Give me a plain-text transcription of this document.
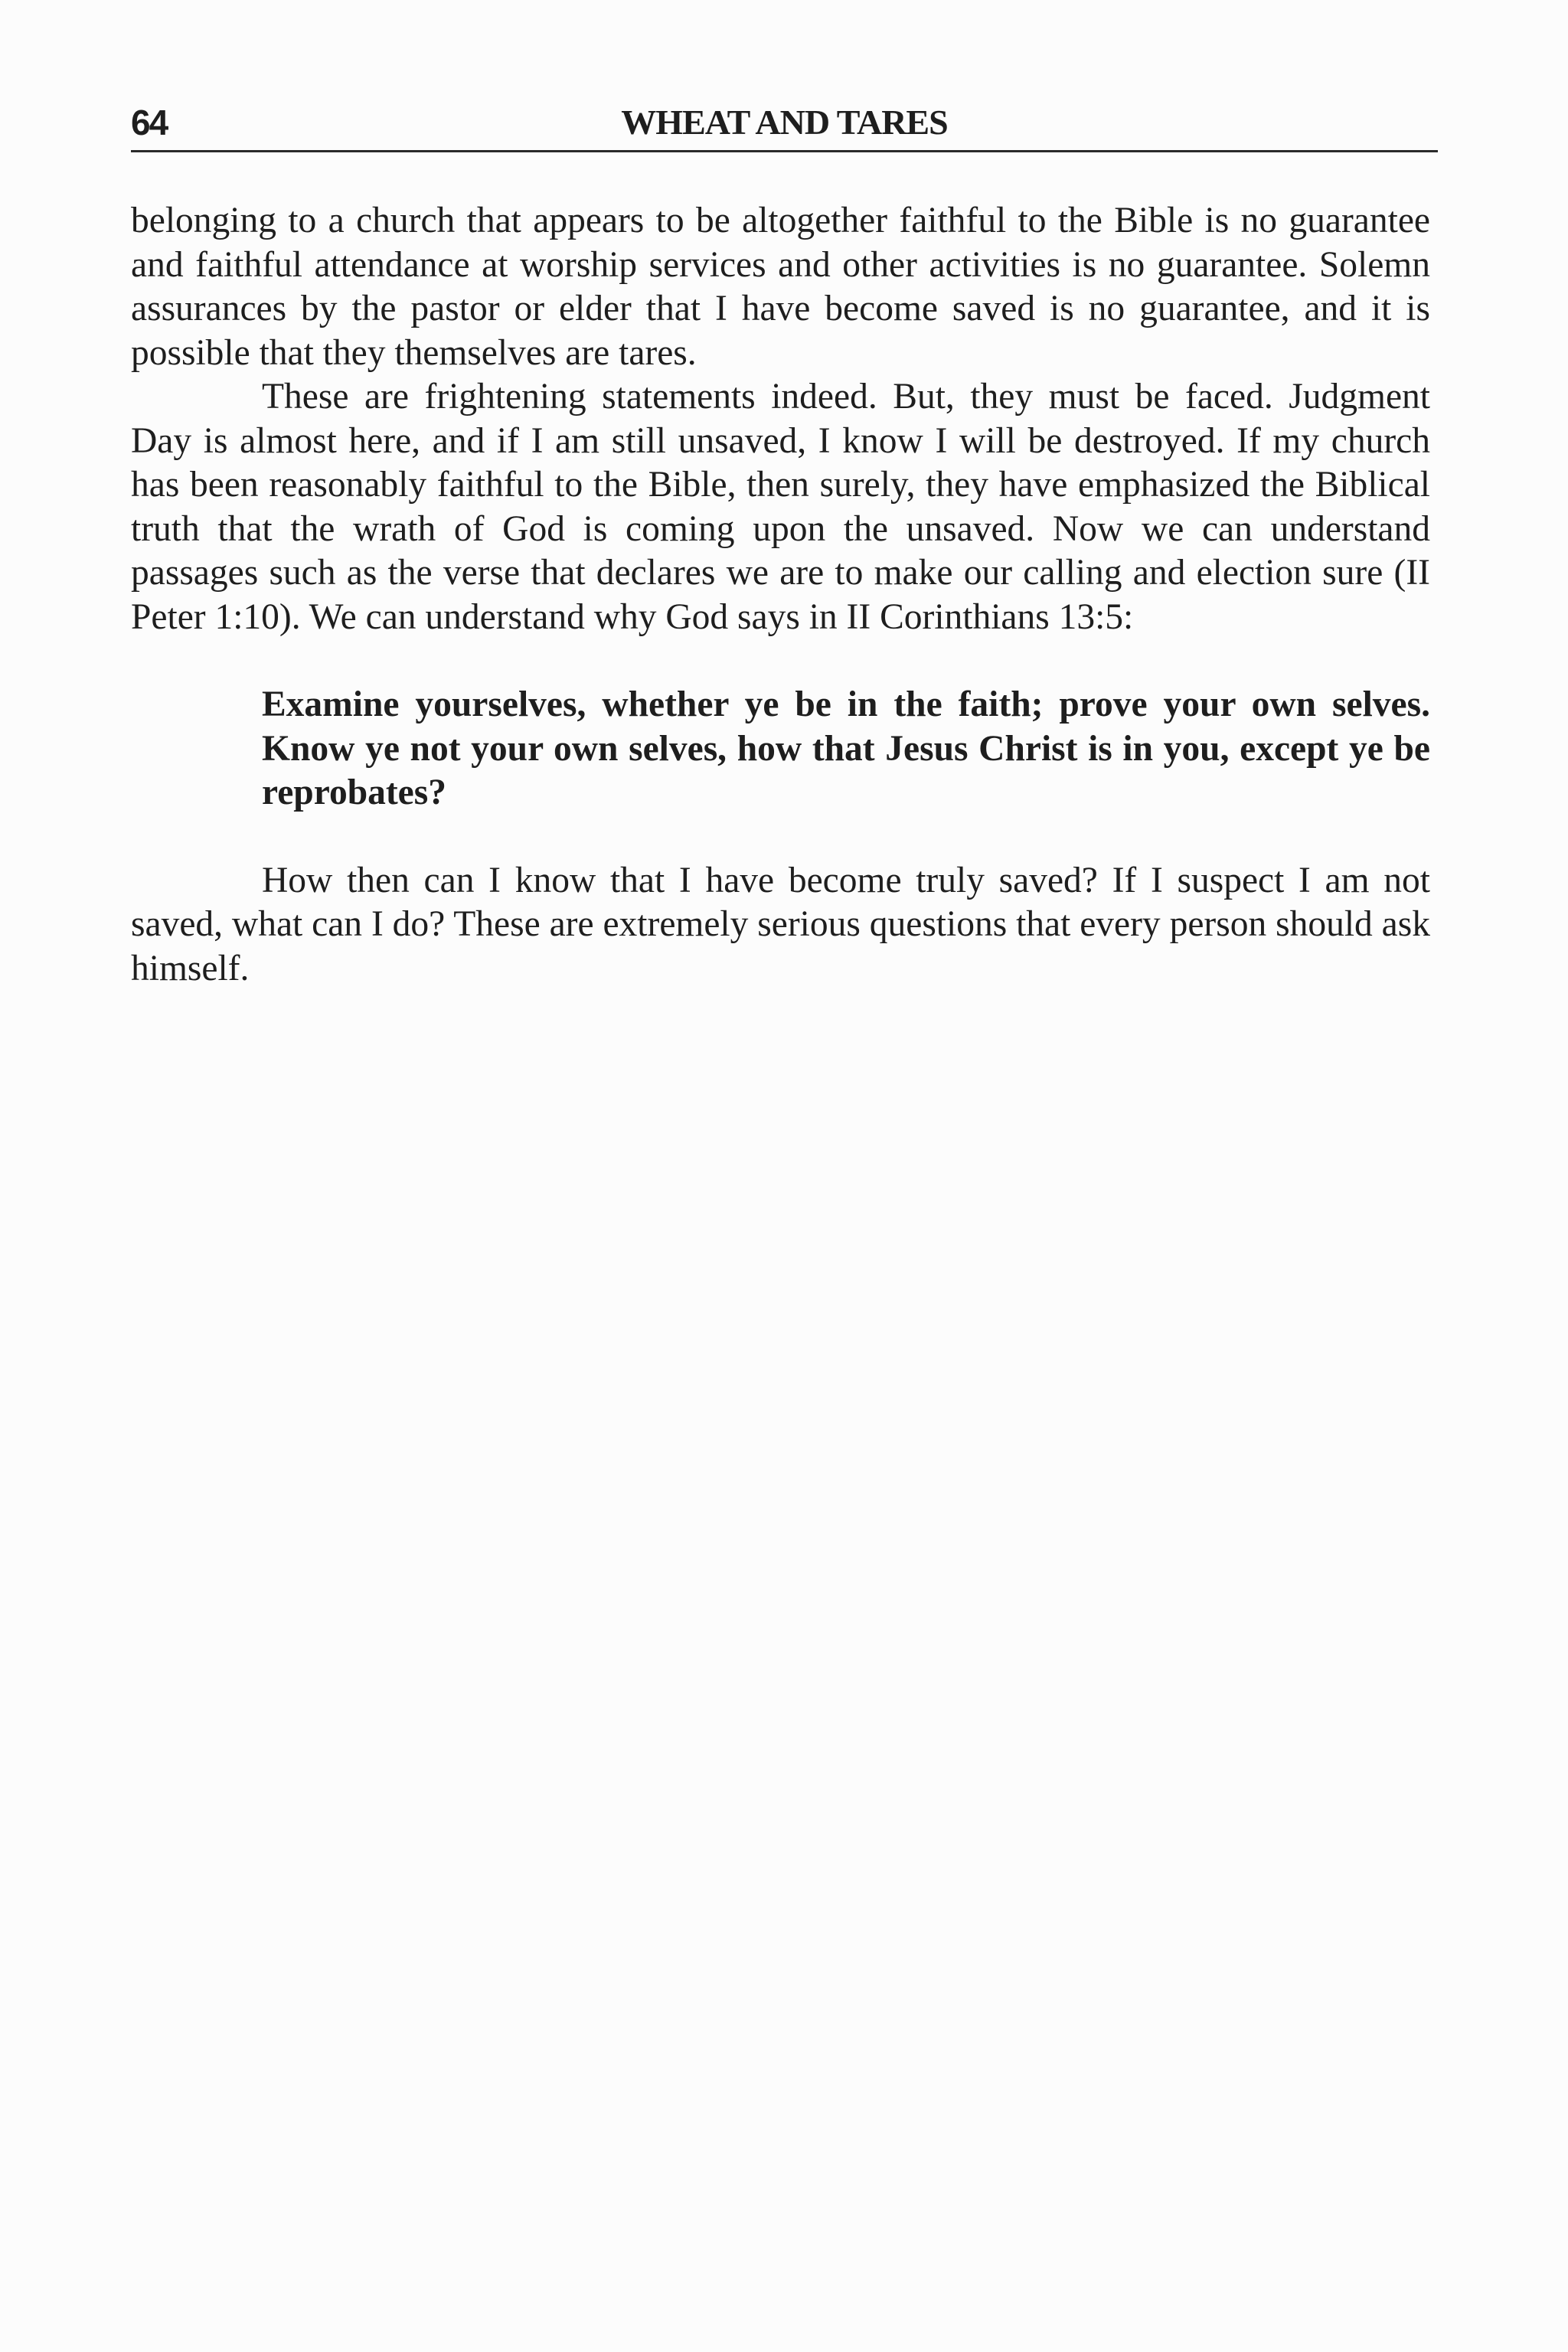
64	WHEAT AND TARES

belonging to a church that appears to be altogether faithful to the Bible is no guarantee and faithful attendance at worship services and other activities is no guarantee. Solemn assurances by the pastor or elder that I have become saved is no guarantee, and it is possible that they themselves are tares.

These are frightening statements indeed. But, they must be faced. Judgment Day is almost here, and if I am still unsaved, I know I will be destroyed. If my church has been reasonably faithful to the Bible, then surely, they have emphasized the Biblical truth that the wrath of God is coming upon the unsaved. Now we can understand passages such as the verse that declares we are to make our calling and election sure (II Peter 1:10). We can understand why God says in II Corinthians 13:5:

Examine yourselves, whether ye be in the faith; prove your own selves. Know ye not your own selves, how that Jesus Christ is in you, except ye be reprobates?

How then can I know that I have become truly saved? If I suspect I am not saved, what can I do? These are extremely serious questions that every person should ask himself.
